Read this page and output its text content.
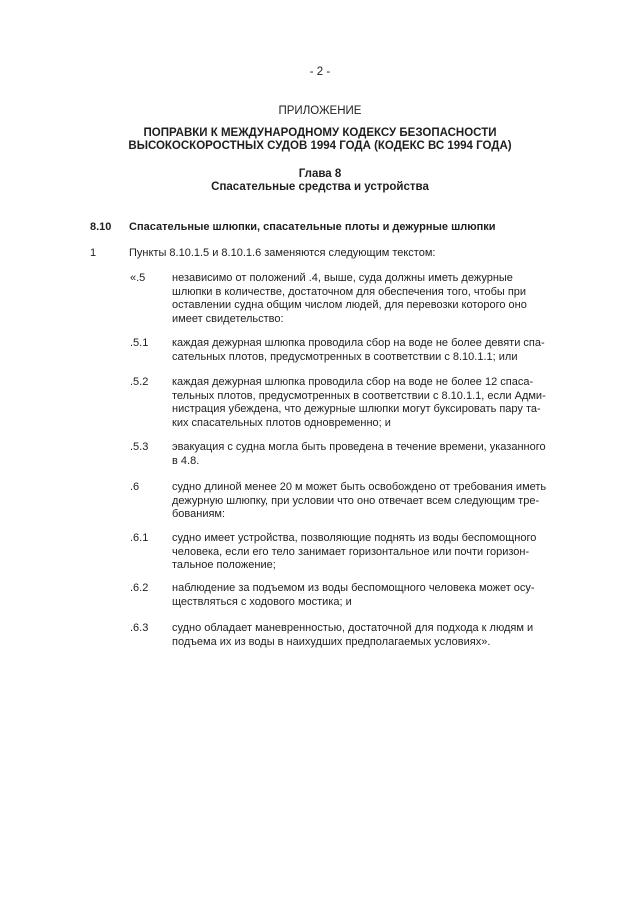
- 2 -
ПРИЛОЖЕНИЕ
ПОПРАВКИ К МЕЖДУНАРОДНОМУ КОДЕКСУ БЕЗОПАСНОСТИ
ВЫСОКОСКОРОСТНЫХ СУДОВ 1994 ГОДА (КОДЕКС ВС 1994 ГОДА)
Глава 8
Спасательные средства и устройства
8.10 Спасательные шлюпки, спасательные плоты и дежурные шлюпки
1	Пункты 8.10.1.5 и 8.10.1.6 заменяются следующим текстом:
«.5 независимо от положений .4, выше, суда должны иметь дежурные
шлюпки в количестве, достаточном для обеспечения того, чтобы при
оставлении судна общим числом людей, для перевозки которого оно
имеет свидетельство:
.5.1 каждая дежурная шлюпка проводила сбор на воде не более девяти спа-
сательных плотов, предусмотренных в соответствии с 8.10.1.1; или
.5.2 каждая дежурная шлюпка проводила сбор на воде не более 12 спаса-
тельных плотов, предусмотренных в соответствии с 8.10.1.1, если Адми-
нистрация убеждена, что дежурные шлюпки могут буксировать пару та-
ких спасательных плотов одновременно; и
.5.3 эвакуация с судна могла быть проведена в течение времени, указанного
в 4.8.
.6	судно длиной менее 20 м может быть освобождено от требования иметь
дежурную шлюпку, при условии что оно отвечает всем следующим тре-
бованиям:
.6.1 судно имеет устройства, позволяющие поднять из воды беспомощного
человека, если его тело занимает горизонтальное или почти горизон-
тальное положение;
.6.2 наблюдение за подъемом из воды беспомощного человека может осу-
ществляться с ходового мостика; и
.6.3 судно обладает маневренностью, достаточной для подхода к людям и
подъема их из воды в наихудших предполагаемых условиях».
